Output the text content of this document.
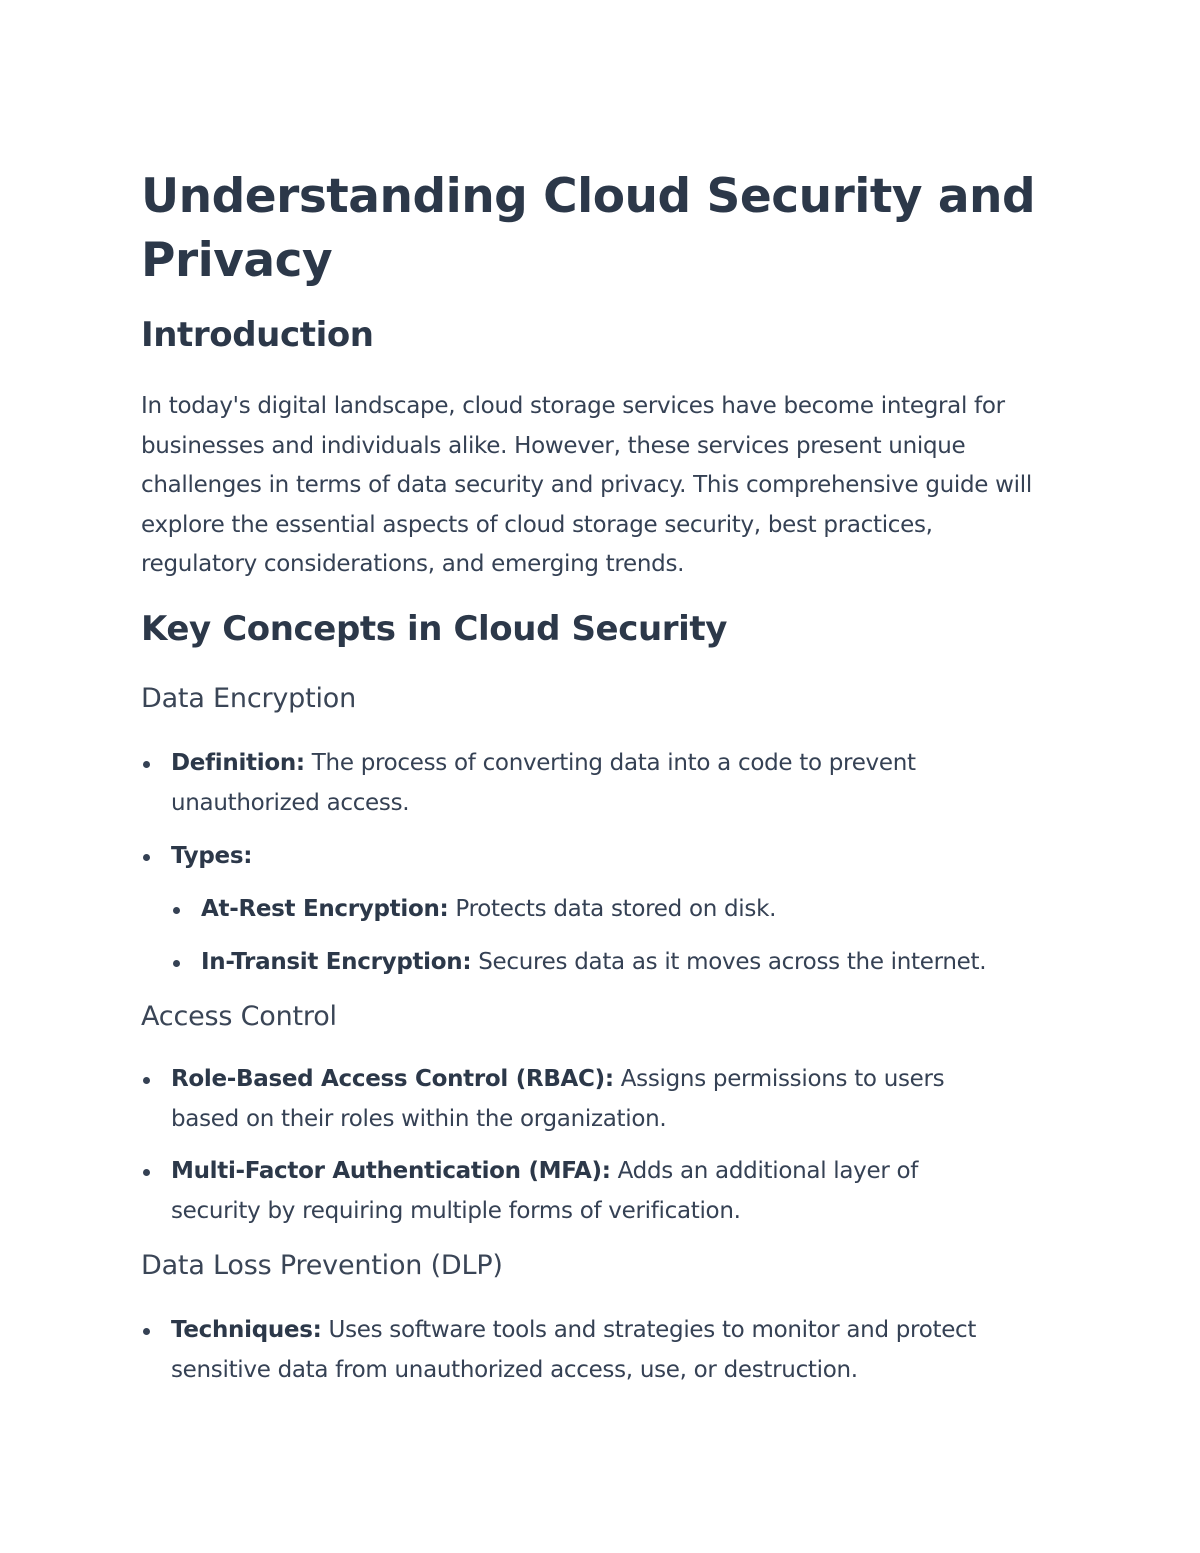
Understanding Cloud Security and Privacy
Introduction

In today's digital landscape, cloud storage services have become integral for businesses and individuals alike. However, these services present unique challenges in terms of data security and privacy. This comprehensive guide will explore the essential aspects of cloud storage security, best practices, regulatory considerations, and emerging trends.

Key Concepts in Cloud Security
Data Encryption
Definition: The process of converting data into a code to prevent unauthorized access.
Types:
At-Rest Encryption: Protects data stored on disk.
In-Transit Encryption: Secures data as it moves across the internet.
Access Control
Role-Based Access Control (RBAC): Assigns permissions to users based on their roles within the organization.
Multi-Factor Authentication (MFA): Adds an additional layer of security by requiring multiple forms of verification.
Data Loss Prevention (DLP)
Techniques: Uses software tools and strategies to monitor and protect sensitive data from unauthorized access, use, or destruction.
